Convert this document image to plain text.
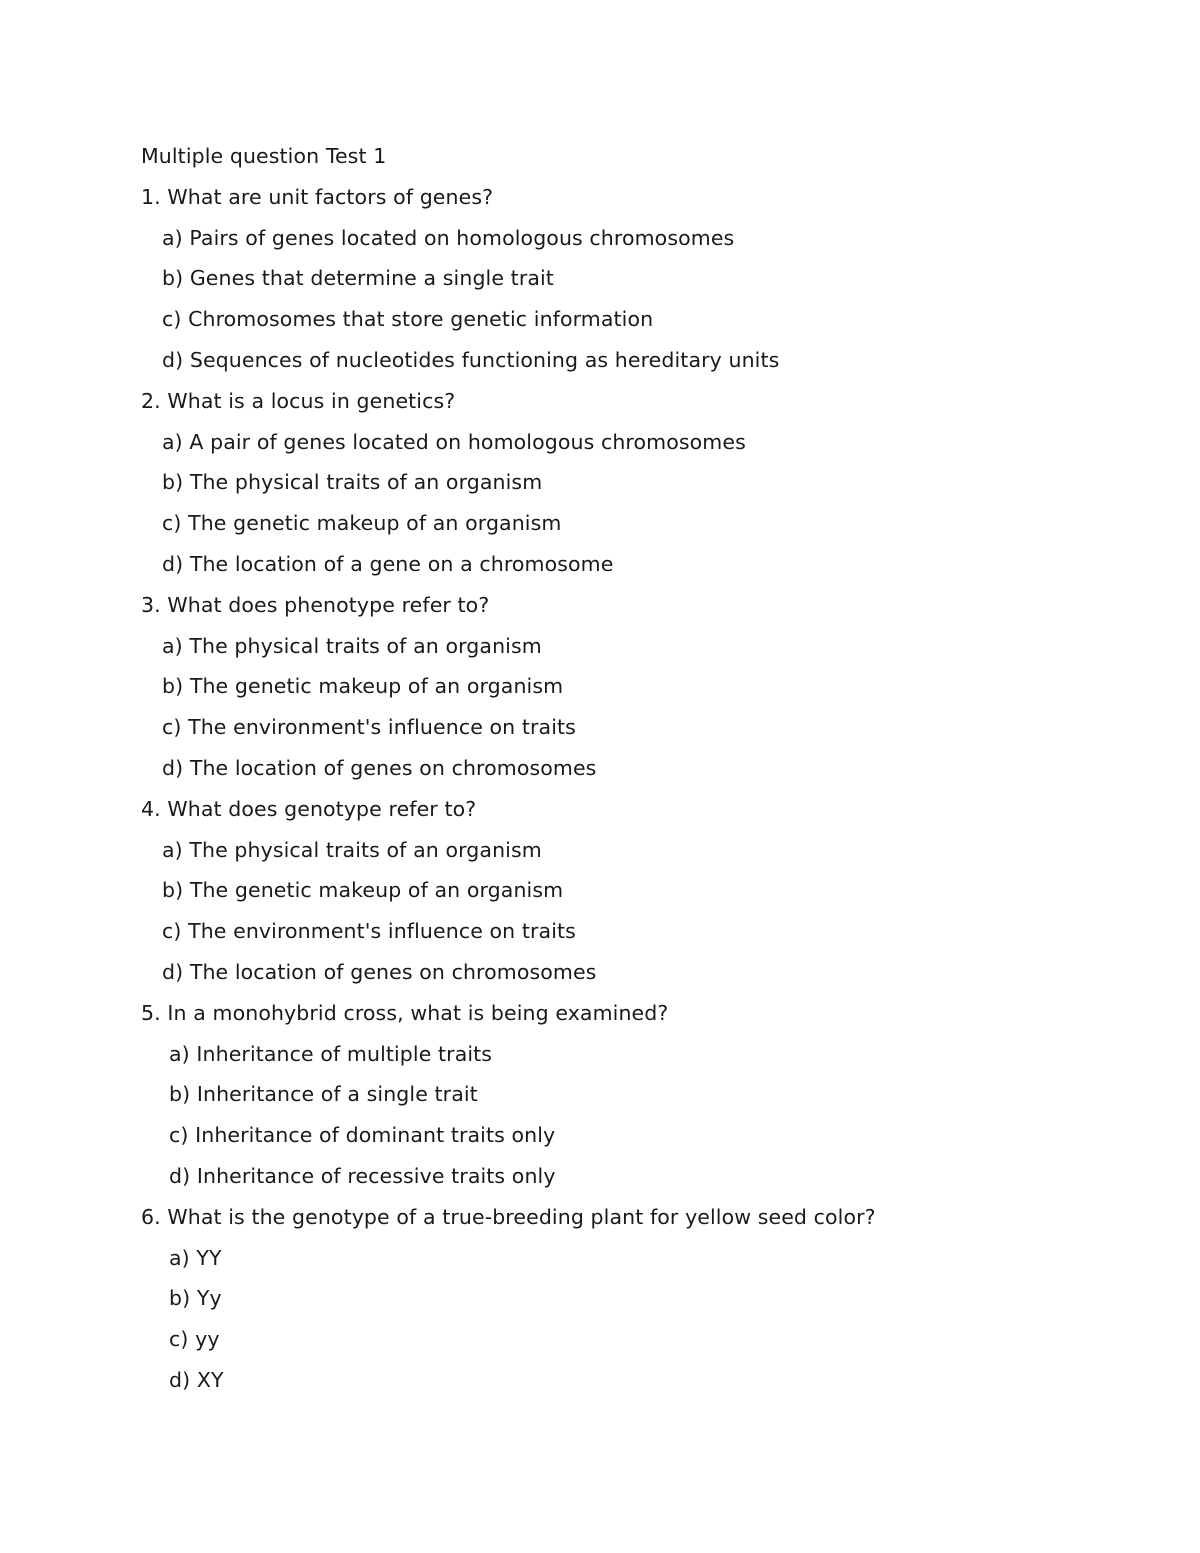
Multiple question Test 1
1. What are unit factors of genes?
a) Pairs of genes located on homologous chromosomes
b) Genes that determine a single trait
c) Chromosomes that store genetic information
d) Sequences of nucleotides functioning as hereditary units
2. What is a locus in genetics?
a) A pair of genes located on homologous chromosomes
b) The physical traits of an organism
c) The genetic makeup of an organism
d) The location of a gene on a chromosome
3. What does phenotype refer to?
a) The physical traits of an organism
b) The genetic makeup of an organism
c) The environment's influence on traits
d) The location of genes on chromosomes
4. What does genotype refer to?
a) The physical traits of an organism
b) The genetic makeup of an organism
c) The environment's influence on traits
d) The location of genes on chromosomes
5. In a monohybrid cross, what is being examined?
a) Inheritance of multiple traits
b) Inheritance of a single trait
c) Inheritance of dominant traits only
d) Inheritance of recessive traits only
6. What is the genotype of a true-breeding plant for yellow seed color?
a) YY
b) Yy
c) yy
d) XY
